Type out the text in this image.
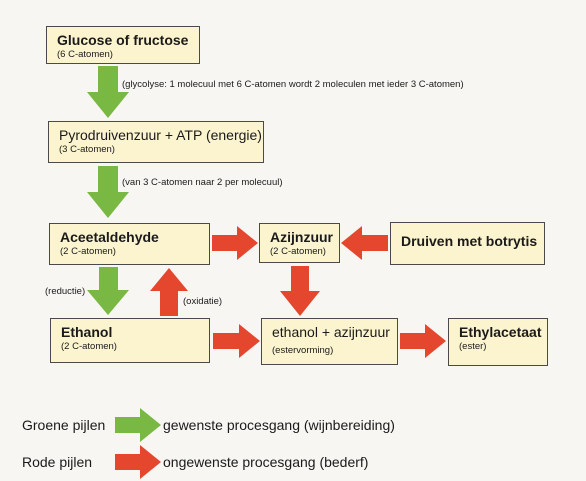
Glucose of fructose
(6 C-atomen)
Pyrodruivenzuur + ATP (energie)
(3 C-atomen)
Aceetaldehyde
(2 C-atomen)
Azijnzuur
(2 C-atomen)
Druiven met botrytis
Ethanol
(2 C-atomen)
ethanol + azijnzuur
(estervorming)
Ethylacetaat
(ester)
(glycolyse: 1 molecuul met 6 C-atomen wordt 2 moleculen met ieder 3 C-atomen)
(van 3 C-atomen naar 2 per molecuul)
(reductie)
(oxidatie)
Groene pijlen	gewenste procesgang (wijnbereiding)
Rode pijlen	ongewenste procesgang (bederf)
